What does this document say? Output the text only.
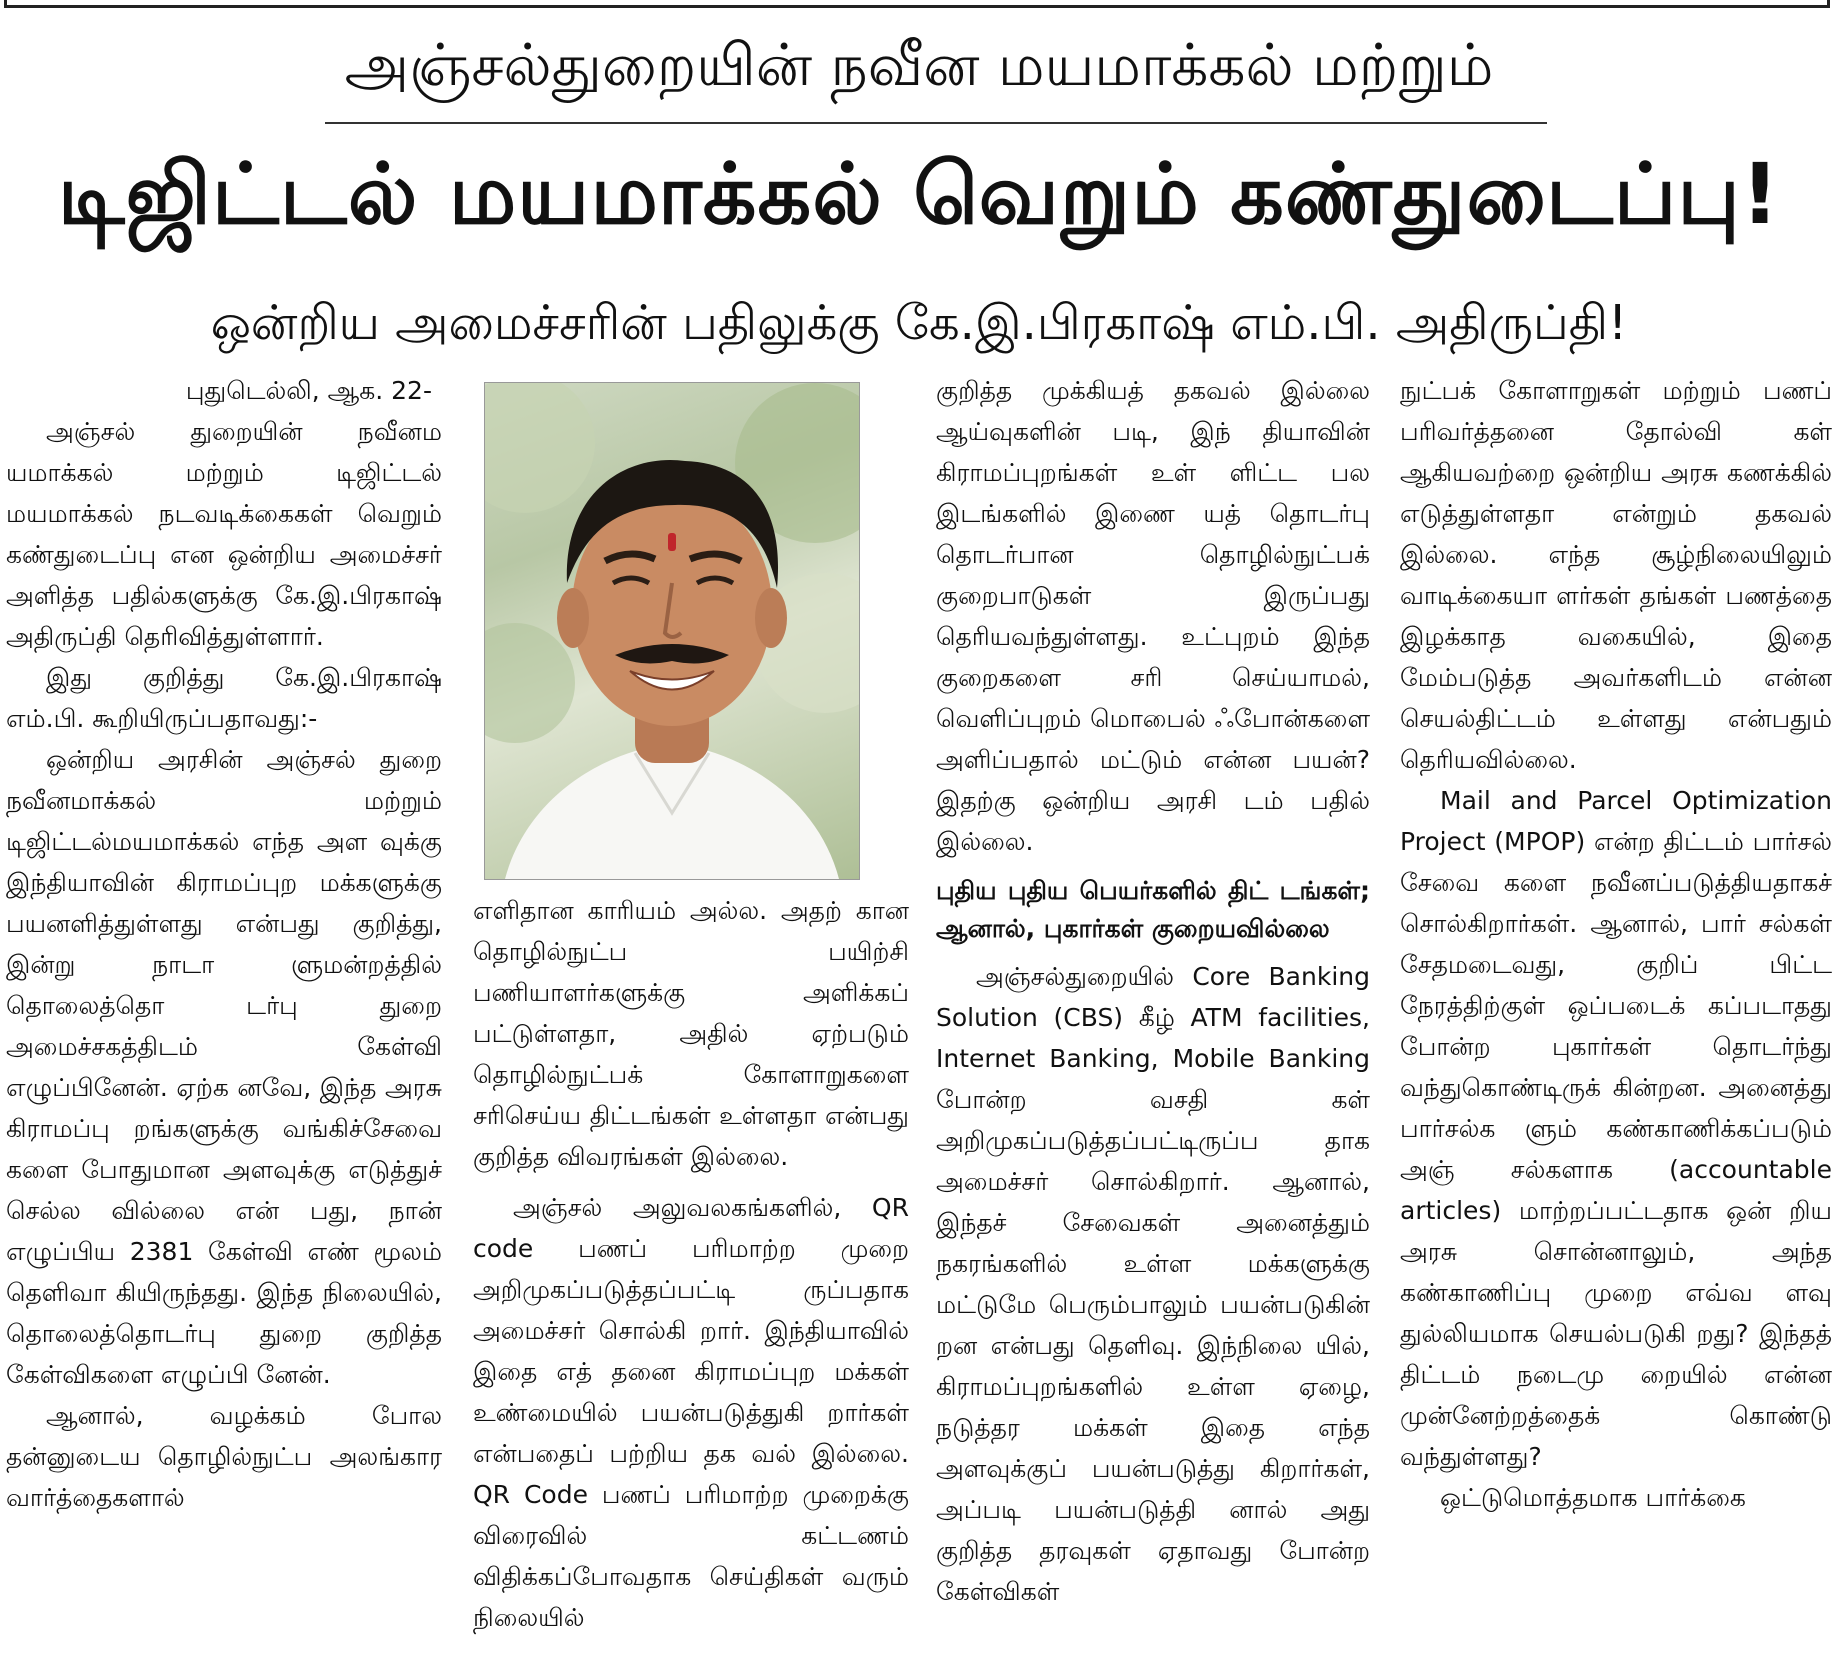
அஞ்சல்துறையின் நவீன மயமாக்கல் மற்றும்
டிஜிட்டல் மயமாக்கல் வெறும் கண்துடைப்பு!
ஒன்றிய அமைச்சரின் பதிலுக்கு கே.இ.பிரகாஷ் எம்.பி. அதிருப்தி!

புதுடெல்லி, ஆக. 22-

அஞ்சல் துறையின் நவீனம யமாக்கல் மற்றும் டிஜிட்டல் மயமாக்கல் நடவடிக்கைகள் வெறும் கண்துடைப்பு என ஒன்றிய அமைச்சர் அளித்த பதில்களுக்கு கே.இ.பிரகாஷ் அதிருப்தி தெரிவித்துள்ளார்.

இது குறித்து கே.இ.பிரகாஷ் எம்.பி. கூறியிருப்பதாவது:-

ஒன்றிய அரசின் அஞ்சல் துறை நவீனமாக்கல் மற்றும் டிஜிட்டல்மயமாக்கல் எந்த அள வுக்கு இந்தியாவின் கிராமப்புற மக்களுக்கு பயனளித்துள்ளது என்பது குறித்து, இன்று நாடா ளுமன்றத்தில் தொலைத்தொ டர்பு துறை அமைச்சகத்திடம் கேள்வி எழுப்பினேன். ஏற்க னவே, இந்த அரசு கிராமப்பு றங்களுக்கு வங்கிச்சேவை களை போதுமான அளவுக்கு எடுத்துச் செல்ல வில்லை என் பது, நான் எழுப்பிய 2381 கேள்வி எண் மூலம் தெளிவா கியிருந்தது. இந்த நிலையில், தொலைத்தொடர்பு துறை குறித்த கேள்விகளை எழுப்பி னேன்.

ஆனால், வழக்கம் போல தன்னுடைய தொழில்நுட்ப அலங்கார வார்த்தைகளால்

எளிதான காரியம் அல்ல. அதற் கான தொழில்நுட்ப பயிற்சி பணியாளர்களுக்கு அளிக்கப் பட்டுள்ளதா, அதில் ஏற்படும் தொழில்நுட்பக் கோளாறுகளை சரிசெய்ய திட்டங்கள் உள்ளதா என்பது குறித்த விவரங்கள் இல்லை.

அஞ்சல் அலுவலகங்களில், QR code பணப் பரிமாற்ற முறை அறிமுகப்படுத்தப்பட்டி ருப்பதாக அமைச்சர் சொல்கி றார். இந்தியாவில் இதை எத் தனை கிராமப்புற மக்கள் உண்மையில் பயன்படுத்துகி றார்கள் என்பதைப் பற்றிய தக வல் இல்லை. QR Code பணப் பரிமாற்ற முறைக்கு விரைவில் கட்டணம் விதிக்கப்போவதாக செய்திகள் வரும் நிலையில்

குறித்த முக்கியத் தகவல் இல்லை ஆய்வுகளின் படி, இந் தியாவின் கிராமப்புறங்கள் உள் ளிட்ட பல இடங்களில் இணை யத் தொடர்பு தொடர்பான தொழில்நுட்பக் குறைபாடுகள் இருப்பது தெரியவந்துள்ளது. உட்புறம் இந்த குறைகளை சரி செய்யாமல், வெளிப்புறம் மொபைல் ஃபோன்களை அளிப்பதால் மட்டும் என்ன பயன்? இதற்கு ஒன்றிய அரசி டம் பதில் இல்லை.

புதிய புதிய பெயர்களில் திட் டங்கள்; ஆனால், புகார்கள் குறையவில்லை

அஞ்சல்துறையில் Core Banking Solution (CBS) கீழ் ATM facilities, Internet Banking, Mobile Banking போன்ற வசதி கள் அறிமுகப்படுத்தப்பட்டிருப்ப தாக அமைச்சர் சொல்கிறார். ஆனால், இந்தச் சேவைகள் அனைத்தும் நகரங்களில் உள்ள மக்களுக்கு மட்டுமே பெரும்பாலும் பயன்படுகின் றன என்பது தெளிவு. இந்நிலை யில், கிராமப்புறங்களில் உள்ள ஏழை, நடுத்தர மக்கள் இதை எந்த அளவுக்குப் பயன்படுத்து கிறார்கள், அப்படி பயன்படுத்தி னால் அது குறித்த தரவுகள் ஏதாவது போன்ற கேள்விகள்

நுட்பக் கோளாறுகள் மற்றும் பணப் பரிவர்த்தனை தோல்வி கள் ஆகியவற்றை ஒன்றிய அரசு கணக்கில் எடுத்துள்ளதா என்றும் தகவல் இல்லை. எந்த சூழ்நிலையிலும் வாடிக்கையா ளர்கள் தங்கள் பணத்தை இழக்காத வகையில், இதை மேம்படுத்த அவர்களிடம் என்ன செயல்திட்டம் உள்ளது என்பதும் தெரியவில்லை.

Mail and Parcel Optimization Project (MPOP) என்ற திட்டம் பார்சல் சேவை களை நவீனப்படுத்தியதாகச் சொல்கிறார்கள். ஆனால், பார் சல்கள் சேதமடைவது, குறிப் பிட்ட நேரத்திற்குள் ஒப்படைக் கப்படாதது போன்ற புகார்கள் தொடர்ந்து வந்துகொண்டிருக் கின்றன. அனைத்து பார்சல்க ளும் கண்காணிக்கப்படும் அஞ் சல்களாக (accountable articles) மாற்றப்பட்டதாக ஒன் றிய அரசு சொன்னாலும், அந்த கண்காணிப்பு முறை எவ்வ ளவு துல்லியமாக செயல்படுகி றது? இந்தத் திட்டம் நடைமு றையில் என்ன முன்னேற்றத்தைக் கொண்டு வந்துள்ளது?

ஒட்டுமொத்தமாக பார்க்கை
